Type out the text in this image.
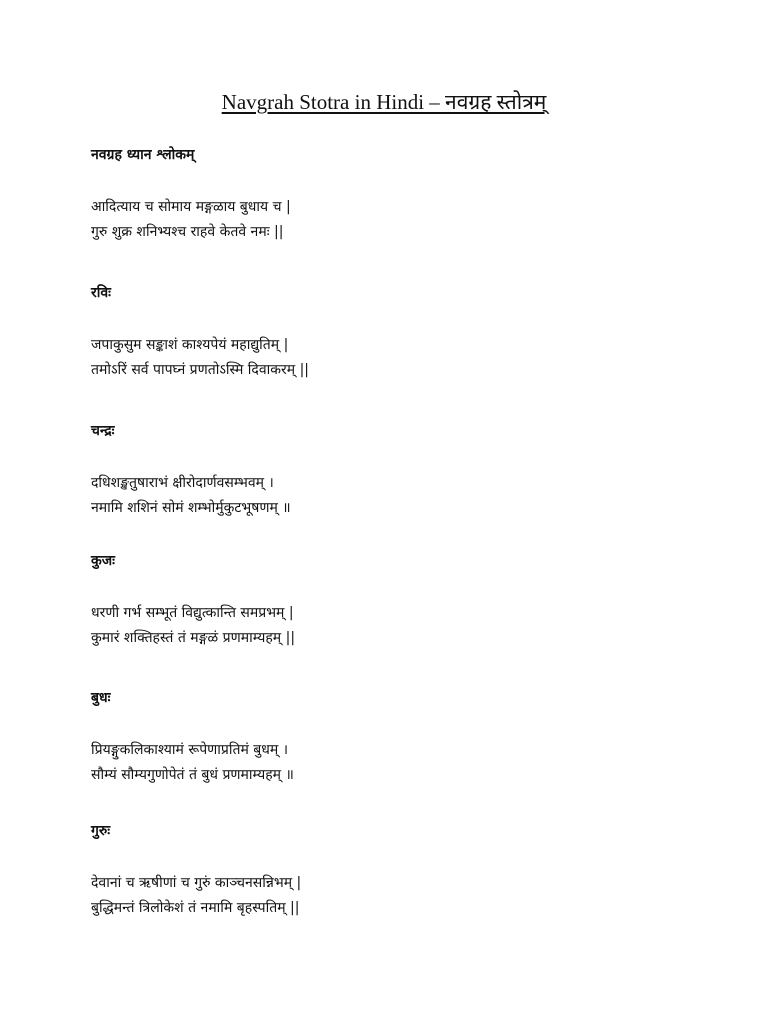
Navgrah Stotra in Hindi – नवग्रह स्तोत्रम्
नवग्रह ध्यान श्लोकम्
आदित्याय च सोमाय मङ्गळाय बुधाय च |
गुरु शुक्र शनिभ्यश्च राहवे केतवे नमः ||
रविः
जपाकुसुम सङ्काशं काश्यपेयं महाद्युतिम् |
तमोऽरिं सर्व पापघ्नं प्रणतोऽस्मि दिवाकरम् ||
चन्द्रः
दधिशङ्खतुषाराभं क्षीरोदार्णवसम्भवम् ।
नमामि शशिनं सोमं शम्भोर्मुकुटभूषणम् ॥
कुजः
धरणी गर्भ सम्भूतं विद्युत्कान्ति समप्रभम् |
कुमारं शक्तिहस्तं तं मङ्गळं प्रणमाम्यहम् ||
बुधः
प्रियङ्गुकलिकाश्यामं रूपेणाप्रतिमं बुधम् ।
सौम्यं सौम्यगुणोपेतं तं बुधं प्रणमाम्यहम् ॥
गुरुः
देवानां च ऋषीणां च गुरुं काञ्चनसन्निभम् |
बुद्धिमन्तं त्रिलोकेशं तं नमामि बृहस्पतिम् ||
